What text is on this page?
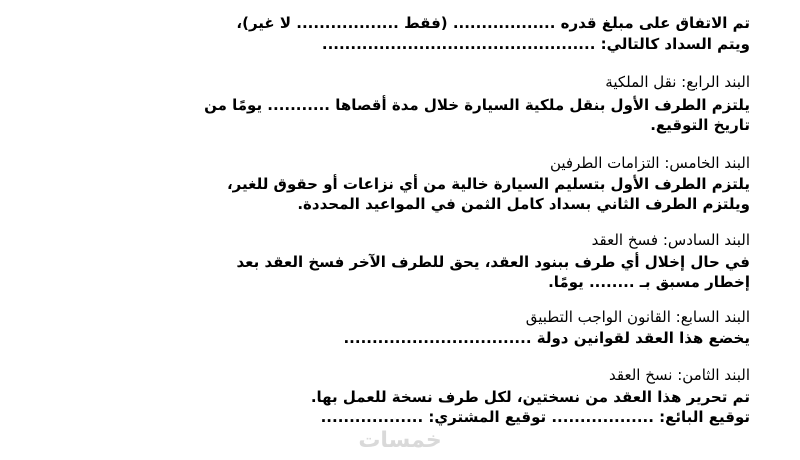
تم الاتفاق على مبلغ قدره .................. (فقط .................. لا غير)،
ويتم السداد كالتالي: ................................................
البند الرابع: نقل الملكية
يلتزم الطرف الأول بنقل ملكية السيارة خلال مدة أقصاها ........... يومًا من
تاريخ التوقيع.
البند الخامس: التزامات الطرفين
يلتزم الطرف الأول بتسليم السيارة خالية من أي نزاعات أو حقوق للغير،
ويلتزم الطرف الثاني بسداد كامل الثمن في المواعيد المحددة.
البند السادس: فسخ العقد
في حال إخلال أي طرف ببنود العقد، يحق للطرف الآخر فسخ العقد بعد
إخطار مسبق بـ ........ يومًا.
البند السابع: القانون الواجب التطبيق
يخضع هذا العقد لقوانين دولة .................................
البند الثامن: نسخ العقد
تم تحرير هذا العقد من نسختين، لكل طرف نسخة للعمل بها.
توقيع البائع: .................. توقيع المشتري: ..................
خمسات
